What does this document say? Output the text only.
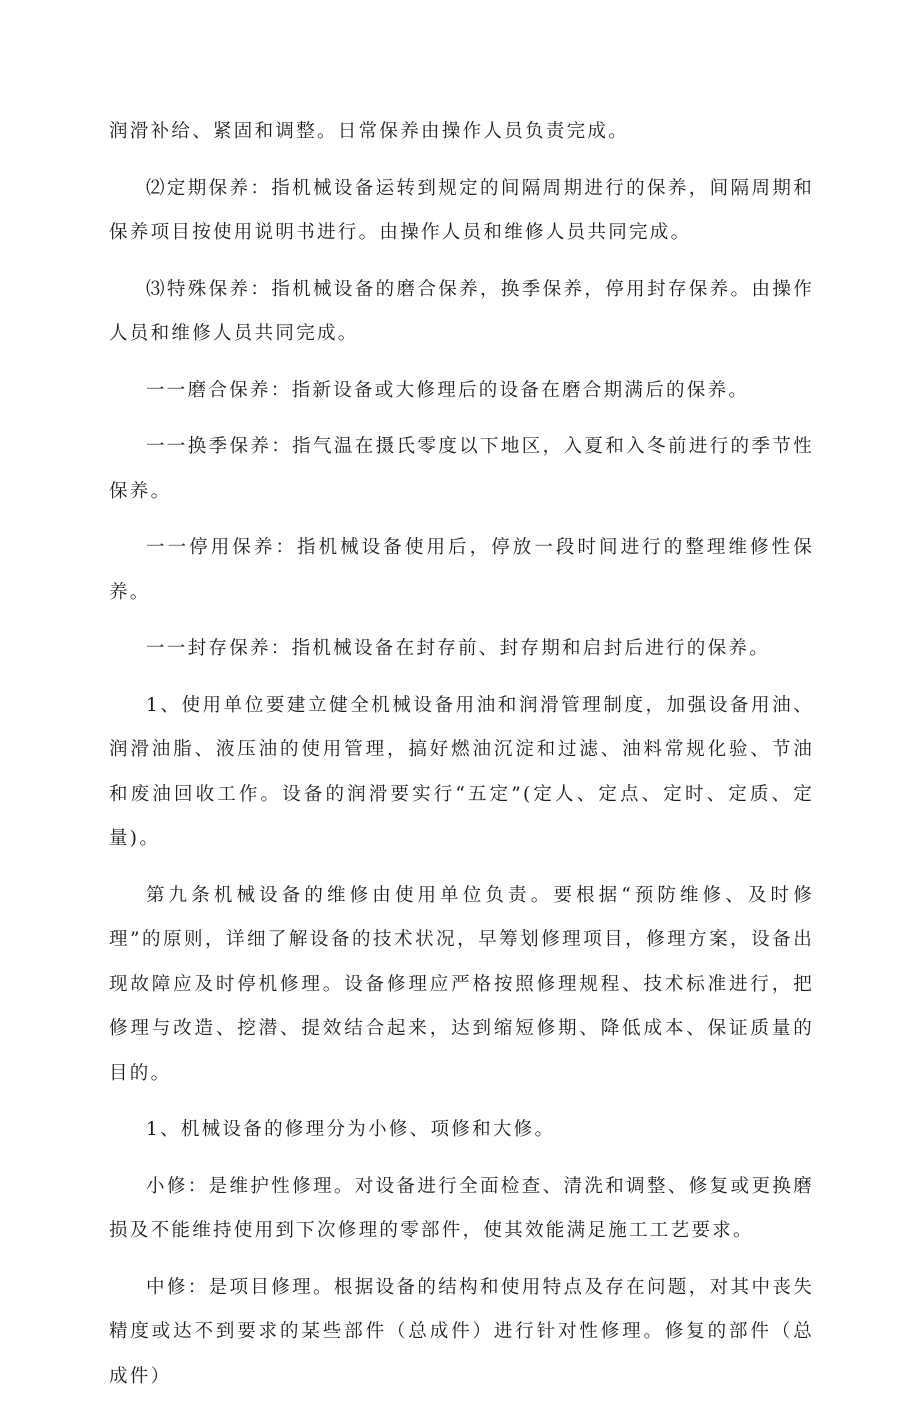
润滑补给、紧固和调整。日常保养由操作人员负责完成。

⑵定期保养：指机械设备运转到规定的间隔周期进行的保养，间隔周期和保养项目按使用说明书进行。由操作人员和维修人员共同完成。

⑶特殊保养：指机械设备的磨合保养，换季保养，停用封存保养。由操作人员和维修人员共同完成。

一一磨合保养：指新设备或大修理后的设备在磨合期满后的保养。

一一换季保养：指气温在摄氏零度以下地区，入夏和入冬前进行的季节性保养。

一一停用保养：指机械设备使用后，停放一段时间进行的整理维修性保养。

一一封存保养：指机械设备在封存前、封存期和启封后进行的保养。

1、使用单位要建立健全机械设备用油和润滑管理制度，加强设备用油、润滑油脂、液压油的使用管理，搞好燃油沉淀和过滤、油料常规化验、节油和废油回收工作。设备的润滑要实行“五定”(定人、定点、定时、定质、定量)。

第九条机械设备的维修由使用单位负责。要根据“预防维修、及时修理”的原则，详细了解设备的技术状况，早筹划修理项目，修理方案，设备出现故障应及时停机修理。设备修理应严格按照修理规程、技术标准进行，把修理与改造、挖潜、提效结合起来，达到缩短修期、降低成本、保证质量的目的。

1、机械设备的修理分为小修、项修和大修。

小修：是维护性修理。对设备进行全面检查、清洗和调整、修复或更换磨损及不能维持使用到下次修理的零部件，使其效能满足施工工艺要求。

中修：是项目修理。根据设备的结构和使用特点及存在问题，对其中丧失精度或达不到要求的某些部件（总成件）进行针对性修理。修复的部件（总成件）
